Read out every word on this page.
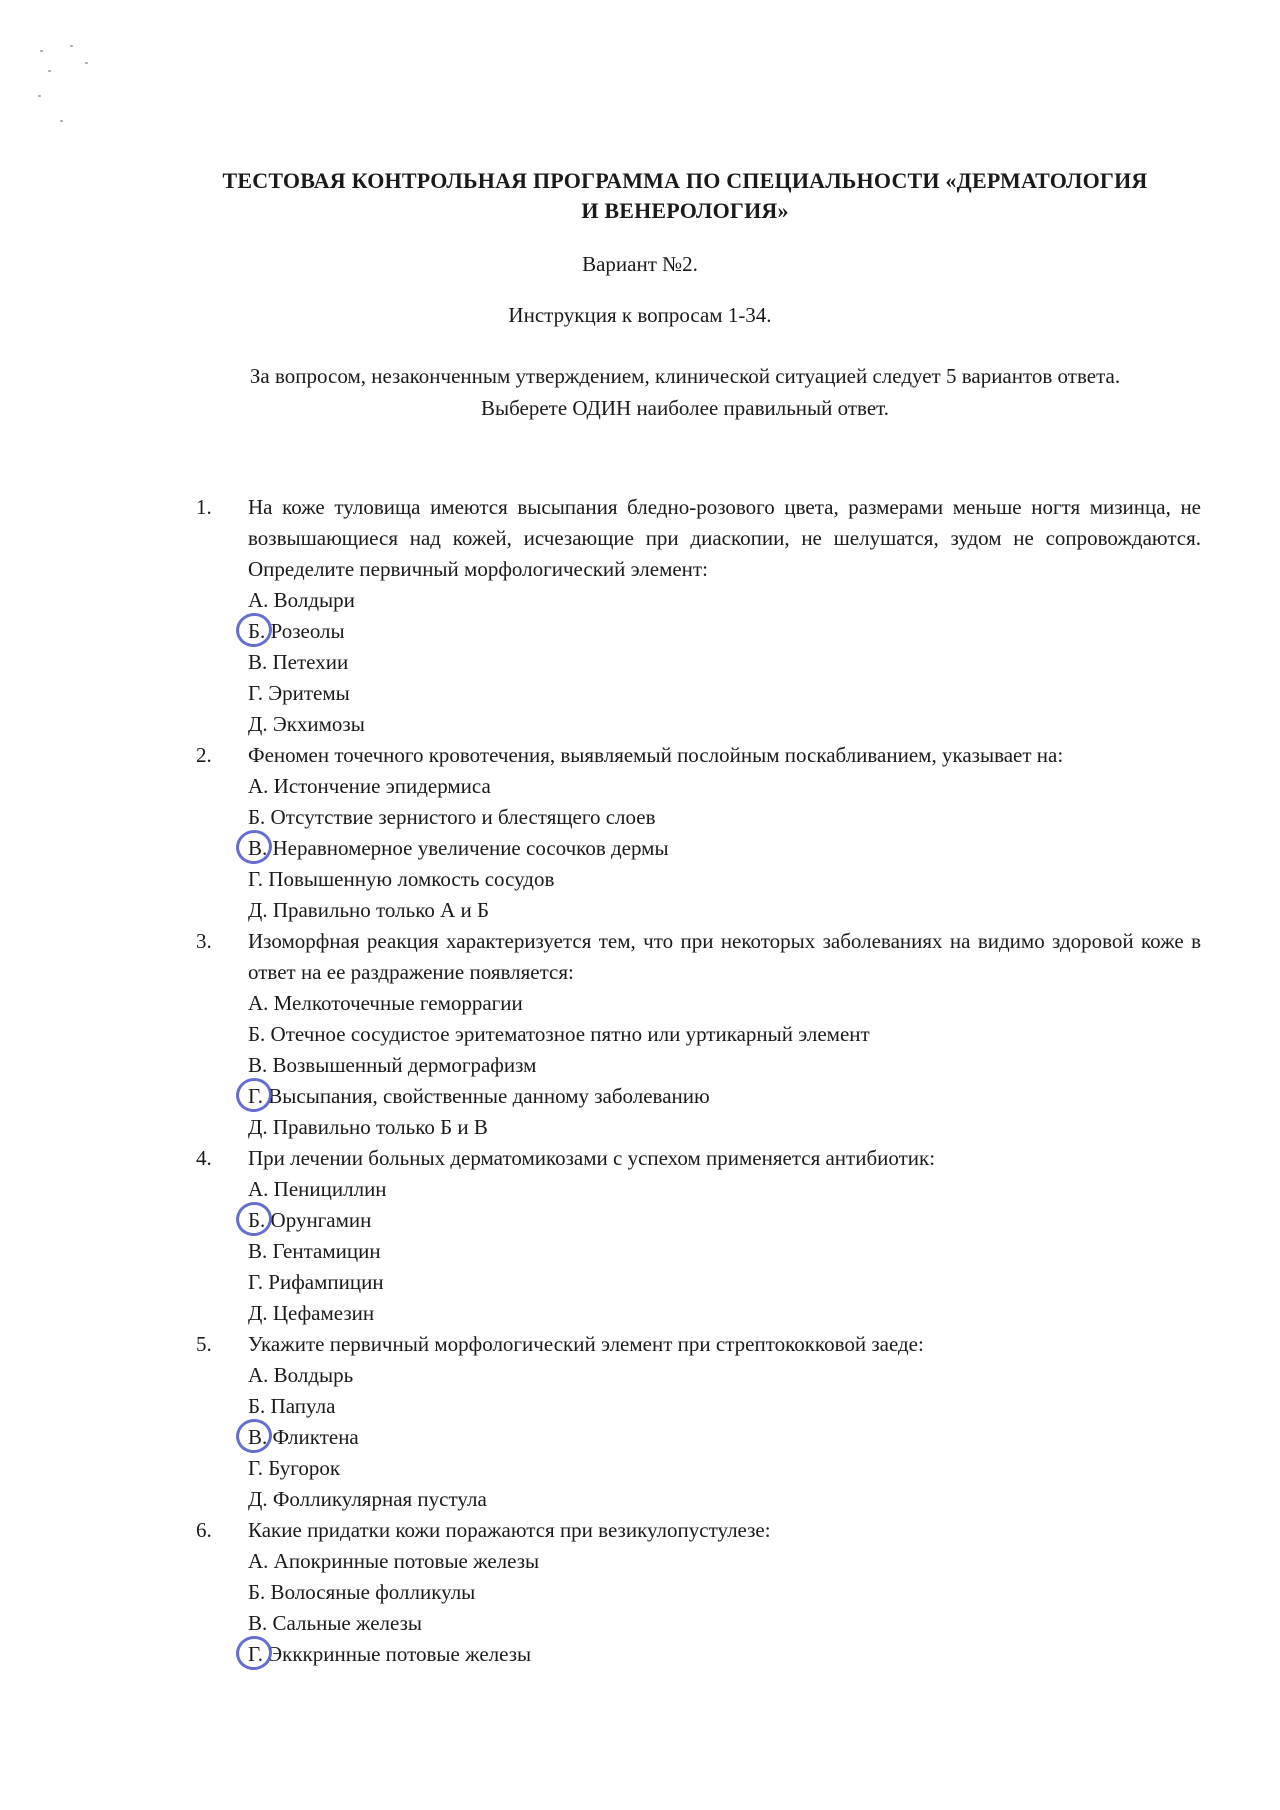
ТЕСТОВАЯ КОНТРОЛЬНАЯ ПРОГРАММА ПО СПЕЦИАЛЬНОСТИ «ДЕРМАТОЛОГИЯ
И ВЕНЕРОЛОГИЯ»
Вариант №2.
Инструкция к вопросам 1-34.
За вопросом, незаконченным утверждением, клинической ситуацией следует 5 вариантов ответа.
Выберете ОДИН наиболее правильный ответ.
1. На коже туловища имеются высыпания бледно-розового цвета, размерами меньше ногтя мизинца, не возвышающиеся над кожей, исчезающие при диаскопии, не шелушатся, зудом не сопровождаются. Определите первичный морфологический элемент:
А. Волдыри
Б. Розеолы
В. Петехии
Г. Эритемы
Д. Экхимозы
2. Феномен точечного кровотечения, выявляемый послойным поскабливанием, указывает на:
А. Истончение эпидермиса
Б. Отсутствие зернистого и блестящего слоев
В. Неравномерное увеличение сосочков дермы
Г. Повышенную ломкость сосудов
Д. Правильно только А и Б
3. Изоморфная реакция характеризуется тем, что при некоторых заболеваниях на видимо здоровой коже в ответ на ее раздражение появляется:
А. Мелкоточечные геморрагии
Б. Отечное сосудистое эритематозное пятно или уртикарный элемент
В. Возвышенный дермографизм
Г. Высыпания, свойственные данному заболеванию
Д. Правильно только Б и В
4. При лечении больных дерматомикозами с успехом применяется антибиотик:
А. Пенициллин
Б. Орунгамин
В. Гентамицин
Г. Рифампицин
Д. Цефамезин
5. Укажите первичный морфологический элемент при стрептококковой заеде:
А. Волдырь
Б. Папула
В. Фликтена
Г. Бугорок
Д. Фолликулярная пустула
6. Какие придатки кожи поражаются при везикулопустулезе:
А. Апокринные потовые железы
Б. Волосяные фолликулы
В. Сальные железы
Г. Экккринные потовые железы
